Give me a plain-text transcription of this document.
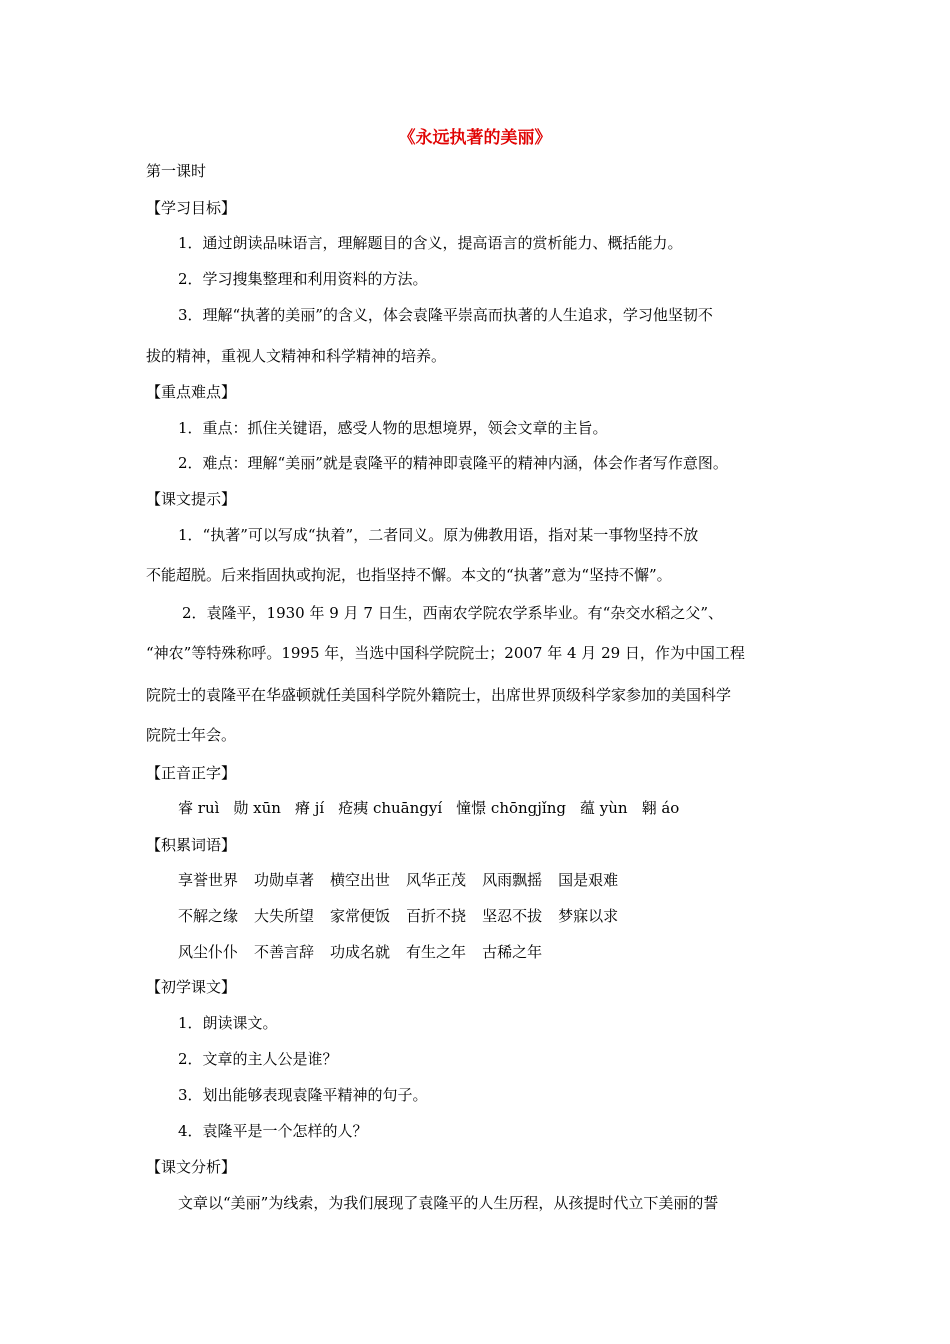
《永远执著的美丽》
第一课时
【学习目标】
1．通过朗读品味语言，理解题目的含义，提高语言的赏析能力、概括能力。
2．学习搜集整理和利用资料的方法。
3．理解“执著的美丽”的含义，体会袁隆平崇高而执著的人生追求，学习他坚韧不
拔的精神，重视人文精神和科学精神的培养。
【重点难点】
1．重点：抓住关键语，感受人物的思想境界，领会文章的主旨。
2．难点：理解“美丽”就是袁隆平的精神即袁隆平的精神内涵，体会作者写作意图。
【课文提示】
1．“执著”可以写成“执着”，二者同义。原为佛教用语，指对某一事物坚持不放
不能超脱。后来指固执或拘泥，也指坚持不懈。本文的“执著”意为“坚持不懈”。
2．袁隆平，1930 年 9 月 7 日生，西南农学院农学系毕业。有“杂交水稻之父”、
“神农”等特殊称呼。1995 年，当选中国科学院院士；2007 年 4 月 29 日，作为中国工程
院院士的袁隆平在华盛顿就任美国科学院外籍院士，出席世界顶级科学家参加的美国科学
院院士年会。
【正音正字】
睿 ruì 勋 xūn 瘠 jí 疮痍 chuāngyí 憧憬 chōngjǐng 蕴 yùn 翱 áo
【积累词语】
享誉世界 功勋卓著 横空出世 风华正茂 风雨飘摇 国是艰难
不解之缘 大失所望 家常便饭 百折不挠 坚忍不拔 梦寐以求
风尘仆仆 不善言辞 功成名就 有生之年 古稀之年
【初学课文】
1．朗读课文。
2．文章的主人公是谁？
3．划出能够表现袁隆平精神的句子。
4．袁隆平是一个怎样的人？
【课文分析】
文章以“美丽”为线索，为我们展现了袁隆平的人生历程，从孩提时代立下美丽的誓
